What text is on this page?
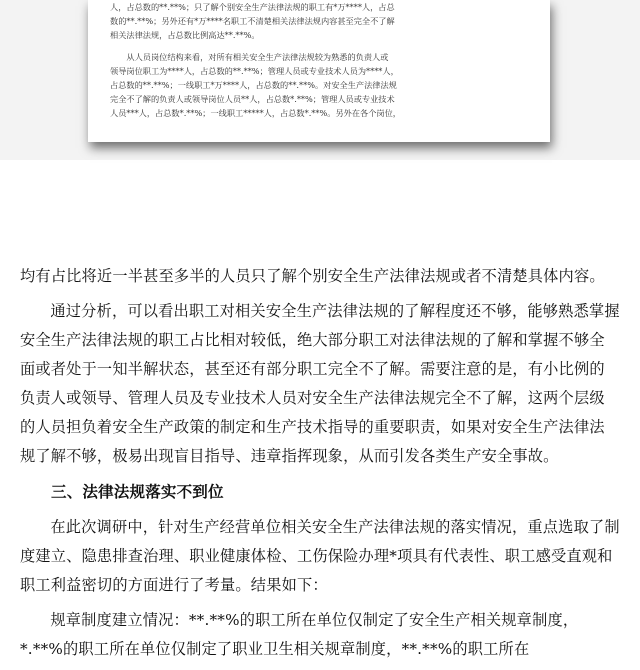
人，占总数的**.**%；只了解个别安全生产法律法规的职工有*万****人，占总

数的**.**%；另外还有*万****名职工不清楚相关法律法规内容甚至完全不了解

相关法律法规，占总数比例高达**.**%。

从人员岗位结构来看，对所有相关安全生产法律法规较为熟悉的负责人或

领导岗位职工为****人，占总数的**.**%；管理人员或专业技术人员为****人，

占总数的**.**%；一线职工*万****人，占总数的**.**%。对安全生产法律法规

完全不了解的负责人或领导岗位人员**人，占总数*.**%；管理人员或专业技术

人员***人，占总数*.**%；一线职工*****人，占总数*.**%。另外在各个岗位，

均有占比将近一半甚至多半的人员只了解个别安全生产法律法规或者不清楚具体内容。

通过分析，可以看出职工对相关安全生产法律法规的了解程度还不够，能够熟悉掌握安全生产法律法规的职工占比相对较低，绝大部分职工对法律法规的了解和掌握不够全面或者处于一知半解状态，甚至还有部分职工完全不了解。需要注意的是，有小比例的负责人或领导、管理人员及专业技术人员对安全生产法律法规完全不了解，这两个层级的人员担负着安全生产政策的制定和生产技术指导的重要职责，如果对安全生产法律法规了解不够，极易出现盲目指导、违章指挥现象，从而引发各类生产安全事故。

三、法律法规落实不到位

在此次调研中，针对生产经营单位相关安全生产法律法规的落实情况，重点选取了制度建立、隐患排查治理、职业健康体检、工伤保险办理*项具有代表性、职工感受直观和职工利益密切的方面进行了考量。结果如下：

规章制度建立情况：**.**%的职工所在单位仅制定了安全生产相关规章制度，*.**%的职工所在单位仅制定了职业卫生相关规章制度，**.**%的职工所在
